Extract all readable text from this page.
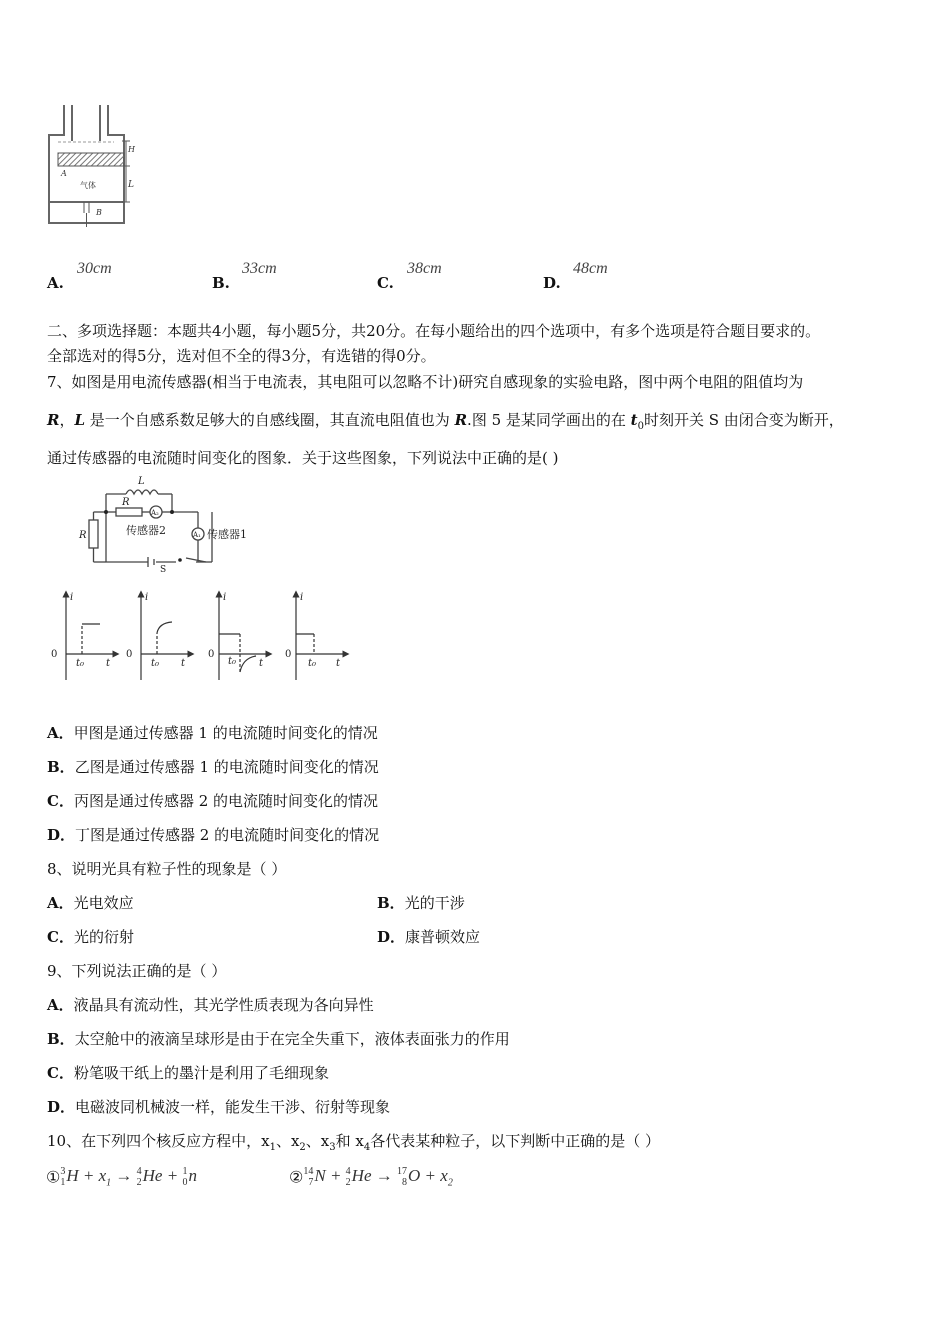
H
L
A
B
气体
A.
30cm
B.
33cm
C.
38cm
D.
48cm
二、多项选择题：本题共4小题，每小题5分，共20分。在每小题给出的四个选项中，有多个选项是符合题目要求的。
全部选对的得5分，选对但不全的得3分，有选错的得0分。
7、如图是用电流传感器(相当于电流表，其电阻可以忽略不计)研究自感现象的实验电路，图中两个电阻的阻值均为
R，L 是一个自感系数足够大的自感线圈，其直流电阻值也为 R.图 5 是某同学画出的在 $t_0$时刻开关 S 由闭合变为断开，
通过传感器的电流随时间变化的图象．关于这些图象，下列说法中正确的是( )
L
R
R
A₂
A₁
传感器2	传感器1
S
i
0
t₀ t
i
0
t₀ t
i
0
t₀ t
i
0
t₀ t
A．甲图是通过传感器 1 的电流随时间变化的情况
B．乙图是通过传感器 1 的电流随时间变化的情况
C．丙图是通过传感器 2 的电流随时间变化的情况
D．丁图是通过传感器 2 的电流随时间变化的情况
8、说明光具有粒子性的现象是（ ）
A．光电效应	B．光的干涉
C．光的衍射	D．康普顿效应
9、下列说法正确的是（ ）
A．液晶具有流动性，其光学性质表现为各向异性
B．太空舱中的液滴呈球形是由于在完全失重下，液体表面张力的作用
C．粉笔吸干纸上的墨汁是利用了毛细现象
D．电磁波同机械波一样，能发生干涉、衍射等现象
10、在下列四个核反应方程中，$x_1$、$x_2$、$x_3$和 $x_4$各代表某种粒子，以下判断中正确的是（ ）
①3
$1H + x_1 \to 4$
2He + 1
0n	②14
7N + 4
2He → 17
$8O + x_2$
